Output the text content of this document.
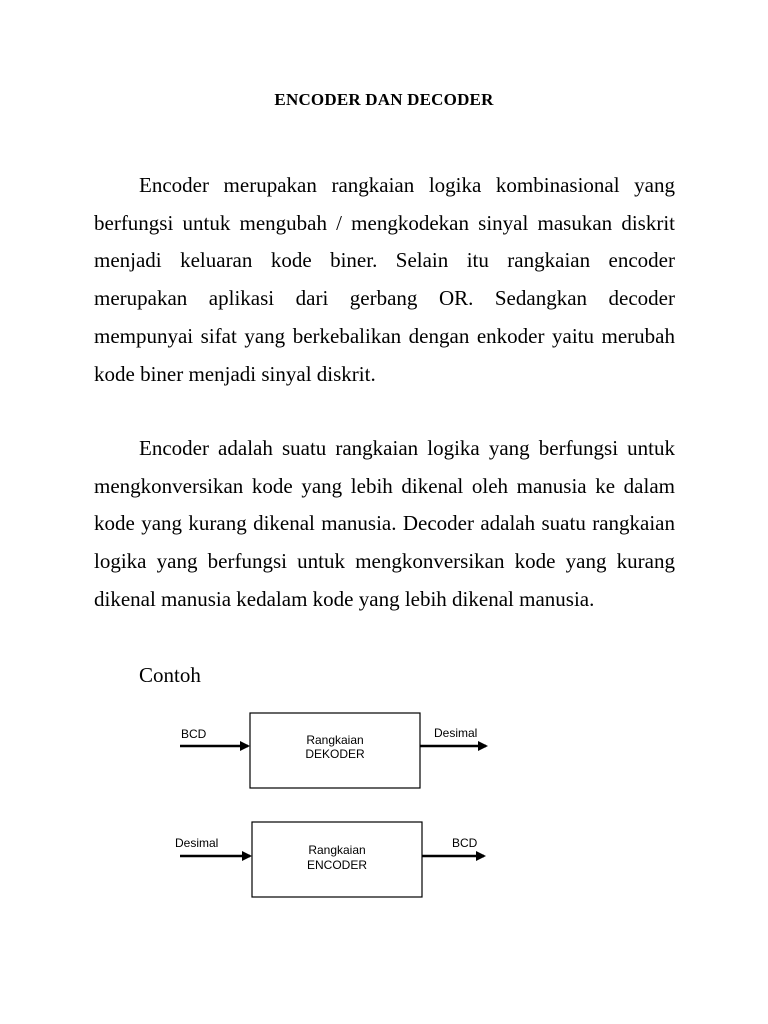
ENCODER DAN DECODER

Encoder merupakan rangkaian logika kombinasional yang berfungsi untuk mengubah / mengkodekan sinyal masukan diskrit menjadi keluaran kode biner. Selain itu rangkaian encoder merupakan aplikasi dari gerbang OR. Sedangkan decoder mempunyai sifat yang berkebalikan dengan enkoder yaitu merubah kode biner menjadi sinyal diskrit.

Encoder adalah suatu rangkaian logika yang berfungsi untuk mengkonversikan kode yang lebih dikenal oleh manusia ke dalam kode yang kurang dikenal manusia. Decoder adalah suatu rangkaian logika yang berfungsi untuk mengkonversikan kode yang kurang dikenal manusia kedalam kode yang lebih dikenal manusia.

Contoh
BCD	Rangkaian
DEKODER
Desimal
Desimal	Rangkaian
ENCODER
BCD
